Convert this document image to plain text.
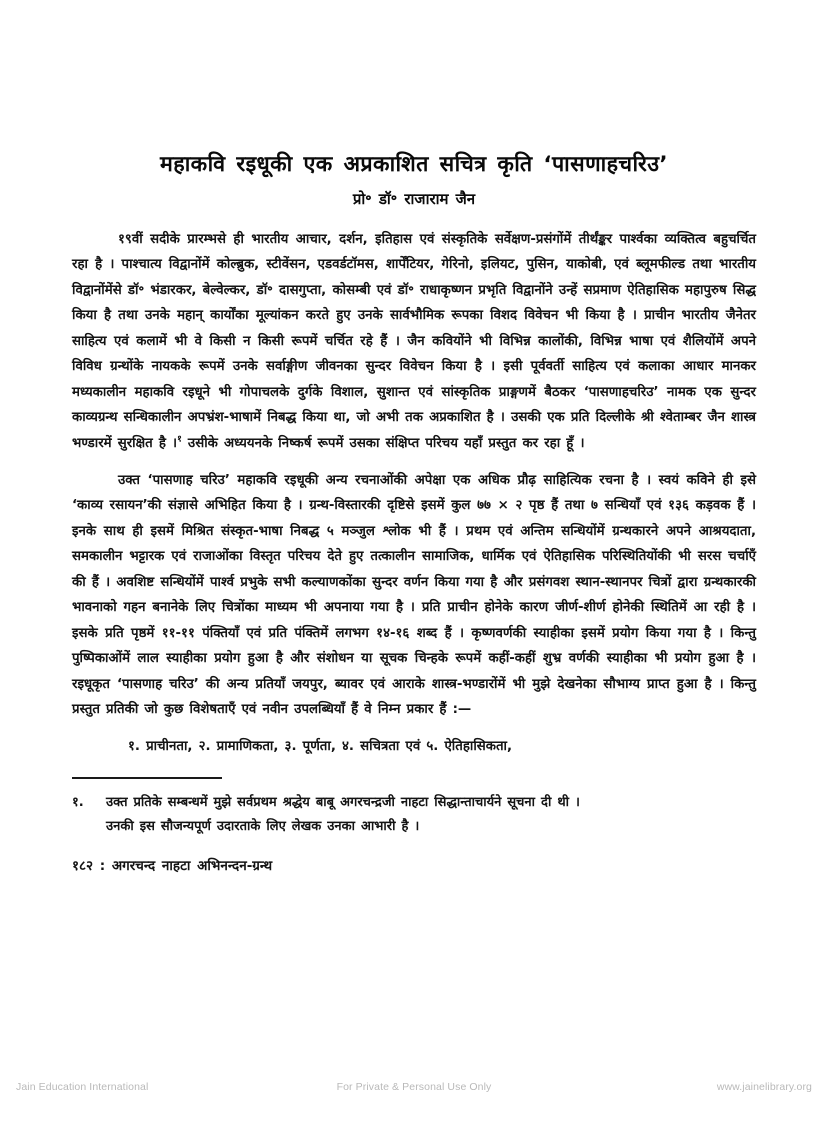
महाकवि रइधूकी एक अप्रकाशित सचित्र कृति ‘पासणाहचरिउ’
प्रो॰ डॉ॰ राजाराम जैन

१९वीं सदीके प्रारम्भसे ही भारतीय आचार, दर्शन, इतिहास एवं संस्कृतिके सर्वेक्षण-प्रसंगोंमें तीर्थंङ्कर पार्श्वका व्यक्तित्व बहुचर्चित रहा है । पाश्चात्य विद्वानोंमें कोल्ब्रुक, स्टीवेंसन, एडवर्डटॉमस, शार्पेंटियर, गेरिनो, इलियट, पुसिन, याकोबी, एवं ब्लूमफील्ड तथा भारतीय विद्वानोंमेंसे डॉ॰ भंडारकर, बेल्वेल्कर, डॉ॰ दासगुप्ता, कोसम्बी एवं डॉ॰ राधाकृष्णन प्रभृति विद्वानोंने उन्हें सप्रमाण ऐतिहासिक महापुरुष सिद्ध किया है तथा उनके महान् कार्योंका मूल्यांकन करते हुए उनके सार्वभौमिक रूपका विशद विवेचन भी किया है । प्राचीन भारतीय जैनेतर साहित्य एवं कलामें भी वे किसी न किसी रूपमें चर्चित रहे हैं । जैन कवियोंने भी विभिन्न कालोंकी, विभिन्न भाषा एवं शैलियोंमें अपने विविध ग्रन्थोंके नायकके रूपमें उनके सर्वाङ्गीण जीवनका सुन्दर विवेचन किया है । इसी पूर्ववर्ती साहित्य एवं कलाका आधार मानकर मध्यकालीन महाकवि रइधूने भी गोपाचलके दुर्गके विशाल, सुशान्त एवं सांस्कृतिक प्राङ्गणमें बैठकर ‘पासणाहचरिउ’ नामक एक सुन्दर काव्यग्रन्थ सन्धिकालीन अपभ्रंश-भाषामें निबद्ध किया था, जो अभी तक अप्रकाशित है । उसकी एक प्रति दिल्लीके श्री श्वेताम्बर जैन शास्त्र भण्डारमें सुरक्षित है ।$^१$ उसीके अध्ययनके निष्कर्ष रूपमें उसका संक्षिप्त परिचय यहाँ प्रस्तुत कर रहा हूँ ।

उक्त ‘पासणाह चरिउ’ महाकवि रइधूकी अन्य रचनाओंकी अपेक्षा एक अधिक प्रौढ़ साहित्यिक रचना है । स्वयं कविने ही इसे ‘काव्य रसायन’की संज्ञासे अभिहित किया है । ग्रन्थ-विस्तारकी दृष्टिसे इसमें कुल ७७ × २ पृष्ठ हैं तथा ७ सन्धियाँ एवं १३६ कड़वक हैं । इनके साथ ही इसमें मिश्रित संस्कृत-भाषा निबद्ध ५ मञ्जुल श्लोक भी हैं । प्रथम एवं अन्तिम सन्धियोंमें ग्रन्थकारने अपने आश्रयदाता, समकालीन भट्टारक एवं राजाओंका विस्तृत परिचय देते हुए तत्कालीन सामाजिक, धार्मिक एवं ऐतिहासिक परिस्थितियोंकी भी सरस चर्चाएँ की हैं । अवशिष्ट सन्धियोंमें पार्श्व प्रभुके सभी कल्याणकोंका सुन्दर वर्णन किया गया है और प्रसंगवश स्थान-स्थानपर चित्रों द्वारा ग्रन्थकारकी भावनाको गहन बनानेके लिए चित्रोंका माध्यम भी अपनाया गया है । प्रति प्राचीन होनेके कारण जीर्ण-शीर्ण होनेकी स्थितिमें आ रही है । इसके प्रति पृष्ठमें ११-११ पंक्तियाँ एवं प्रति पंक्तिमें लगभग १४-१६ शब्द हैं । कृष्णवर्णकी स्याहीका इसमें प्रयोग किया गया है । किन्तु पुष्पिकाओंमें लाल स्याहीका प्रयोग हुआ है और संशोधन या सूचक चिन्हके रूपमें कहीं-कहीं शुभ्र वर्णकी स्याहीका भी प्रयोग हुआ है । रइधूकृत ‘पासणाह चरिउ’ की अन्य प्रतियाँ जयपुर, ब्यावर एवं आराके शास्त्र-भण्डारोंमें भी मुझे देखनेका सौभाग्य प्राप्त हुआ है । किन्तु प्रस्तुत प्रतिकी जो कुछ विशेषताएँ एवं नवीन उपलब्धियाँ हैं वे निम्न प्रकार हैं :—

१. प्राचीनता, २. प्रामाणिकता, ३. पूर्णता, ४. सचित्रता एवं ५. ऐतिहासिकता,
१.	उक्त प्रतिके सम्बन्धमें मुझे सर्वप्रथम श्रद्धेय बाबू अगरचन्द्रजी नाहटा सिद्धान्ताचार्यने सूचना दी थी ।
उनकी इस सौजन्यपूर्ण उदारताके लिए लेखक उनका आभारी है ।
१८२ : अगरचन्द नाहटा अभिनन्दन-ग्रन्थ
Jain Education International	For Private & Personal Use Only	www.jainelibrary.org
